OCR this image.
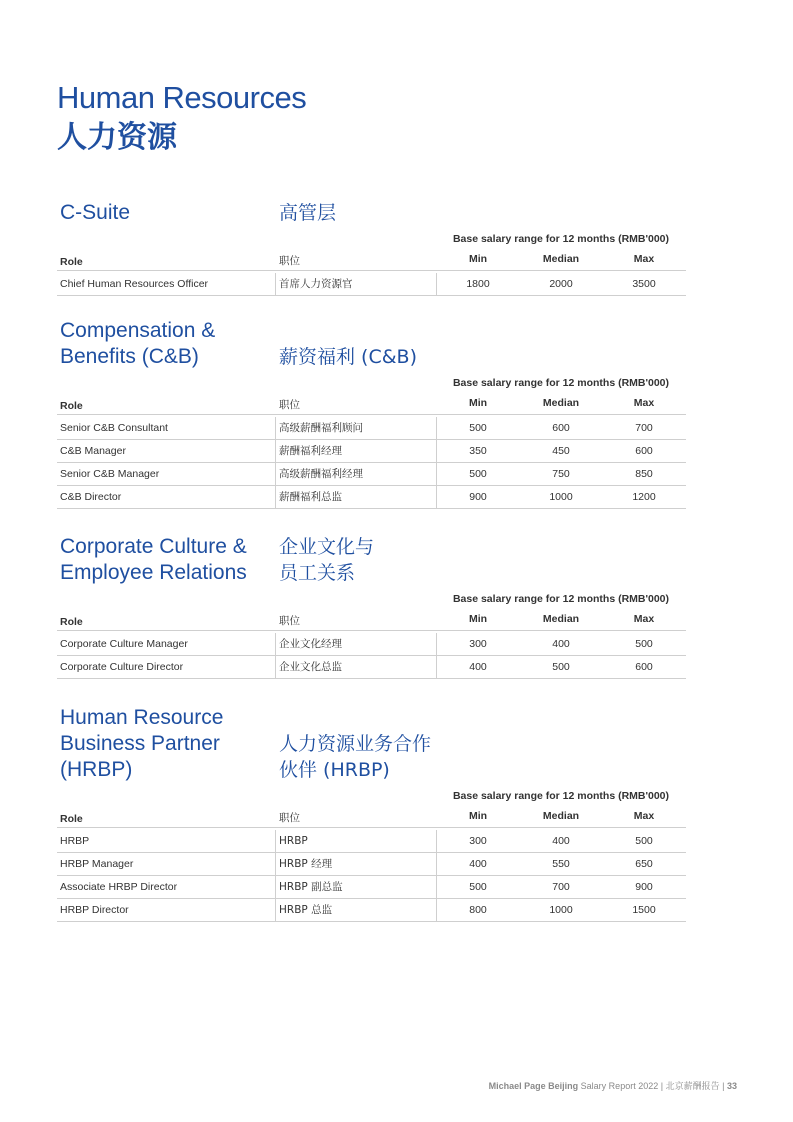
Human Resources
人力资源
C-Suite	高管层
Base salary range for 12 months (RMB'000)
Role	职位	Min	Median	Max
Chief Human Resources Officer	首席人力资源官	1800	2000	3500
Compensation &
Benefits (C&B)	薪资福利 (C&B)
Base salary range for 12 months (RMB'000)
Role	职位	Min	Median	Max
Senior C&B Consultant	高级薪酬福利顾问	500	600	700
C&B Manager	薪酬福利经理	350	450	600
Senior C&B Manager	高级薪酬福利经理	500	750	850
C&B Director	薪酬福利总监	900	1000	1200
Corporate Culture &
Employee Relations
企业文化与
员工关系
Base salary range for 12 months (RMB'000)
Role	职位	Min	Median	Max
Corporate Culture Manager	企业文化经理	300	400	500
Corporate Culture Director	企业文化总监	400	500	600
Human Resource
Business Partner
(HRBP)
人力资源业务合作
伙伴 (HRBP)
Base salary range for 12 months (RMB'000)
Role	职位	Min	Median	Max
HRBP	HRBP	300	400	500
HRBP Manager	HRBP 经理	400	550	650
Associate HRBP Director	HRBP 副总监	500	700	900
HRBP Director	HRBP 总监	800	1000	1500
Michael Page Beijing Salary Report 2022 | 北京薪酬报告 | 33
